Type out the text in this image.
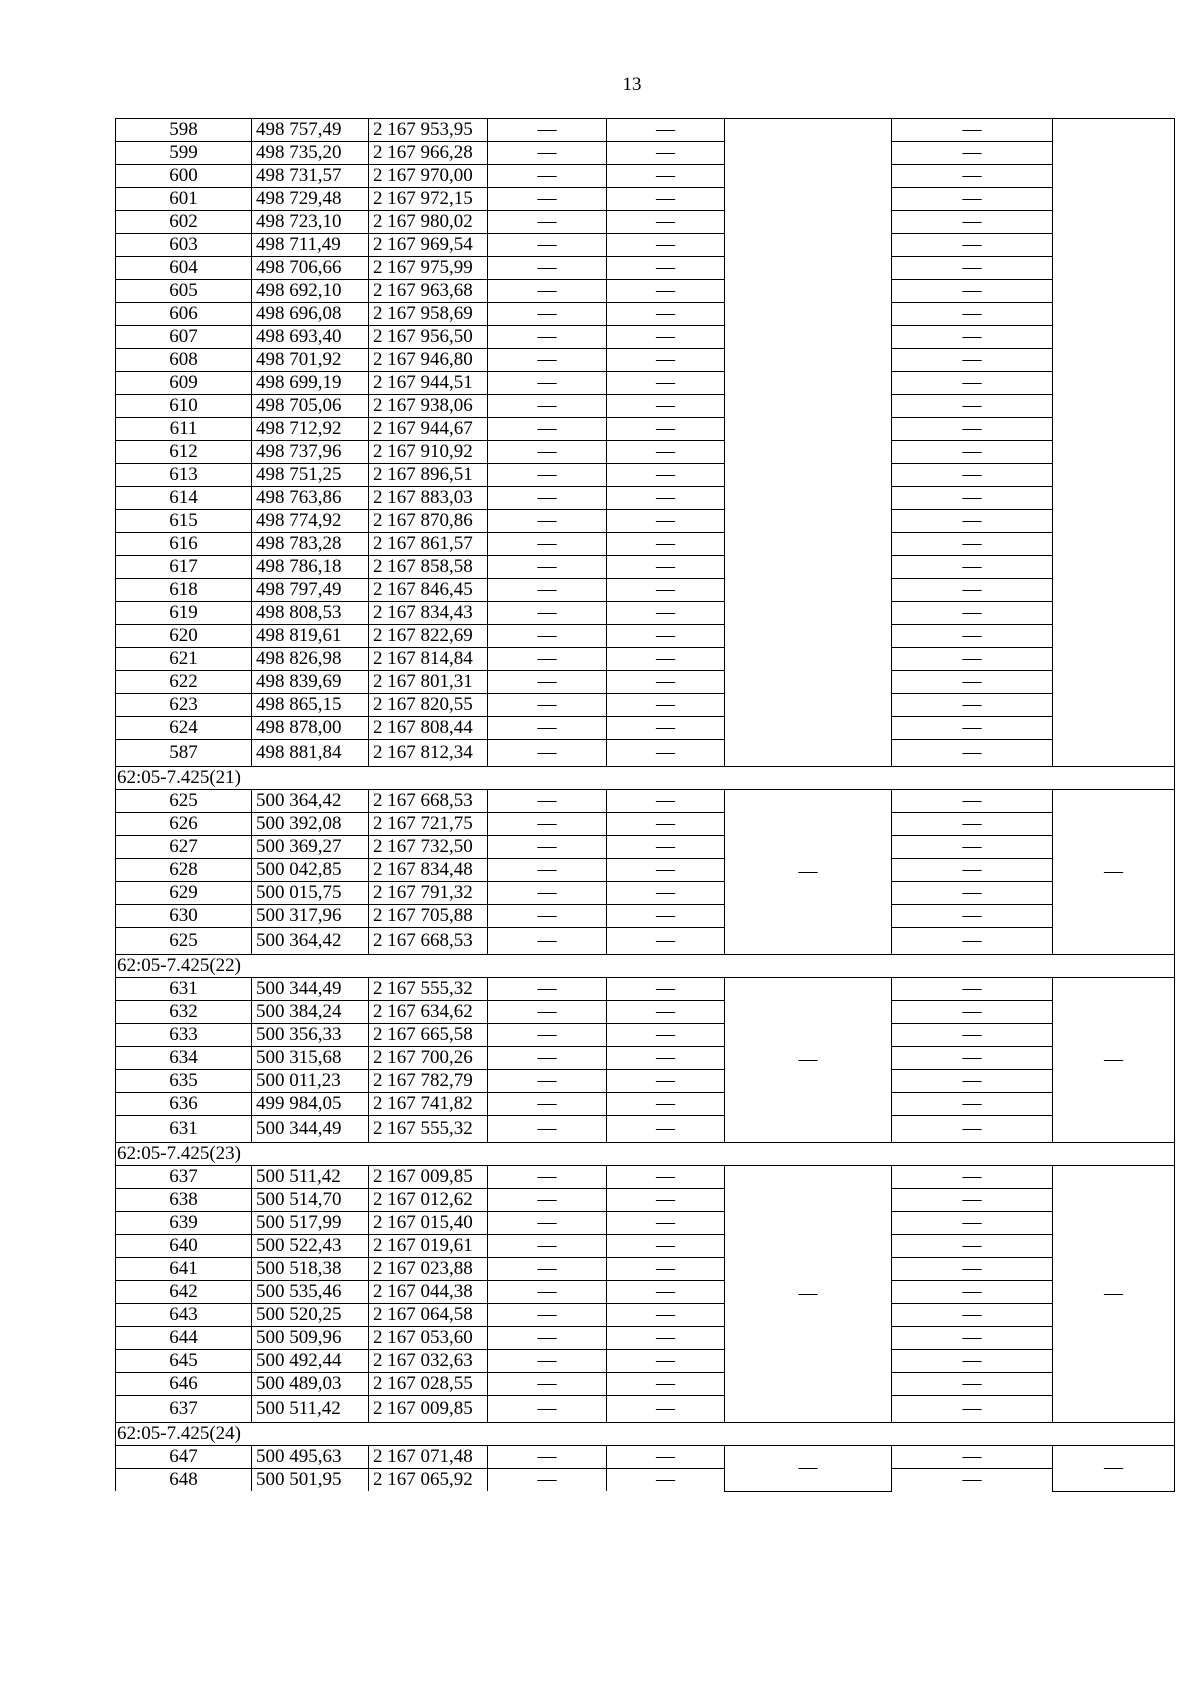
13
598	498 757,49	2 167 953,95	—	—		—	
599	498 735,20	2 167 966,28	—	—		—	
600	498 731,57	2 167 970,00	—	—		—	
601	498 729,48	2 167 972,15	—	—		—	
602	498 723,10	2 167 980,02	—	—		—	
603	498 711,49	2 167 969,54	—	—		—	
604	498 706,66	2 167 975,99	—	—		—	
605	498 692,10	2 167 963,68	—	—		—	
606	498 696,08	2 167 958,69	—	—		—	
607	498 693,40	2 167 956,50	—	—		—	
608	498 701,92	2 167 946,80	—	—		—	
609	498 699,19	2 167 944,51	—	—		—	
610	498 705,06	2 167 938,06	—	—		—	
611	498 712,92	2 167 944,67	—	—		—	
612	498 737,96	2 167 910,92	—	—		—	
613	498 751,25	2 167 896,51	—	—		—	
614	498 763,86	2 167 883,03	—	—		—	
615	498 774,92	2 167 870,86	—	—		—	
616	498 783,28	2 167 861,57	—	—		—	
617	498 786,18	2 167 858,58	—	—		—	
618	498 797,49	2 167 846,45	—	—		—	
619	498 808,53	2 167 834,43	—	—		—	
620	498 819,61	2 167 822,69	—	—		—	
621	498 826,98	2 167 814,84	—	—		—	
622	498 839,69	2 167 801,31	—	—		—	
623	498 865,15	2 167 820,55	—	—		—	
624	498 878,00	2 167 808,44	—	—		—	
587	498 881,84	2 167 812,34	—	—		—	
62:05-7.425(21)							
625	500 364,42	2 167 668,53	—	—	—	—	—
626	500 392,08	2 167 721,75	—	—		—	
627	500 369,27	2 167 732,50	—	—		—	
628	500 042,85	2 167 834,48	—	—		—	
629	500 015,75	2 167 791,32	—	—		—	
630	500 317,96	2 167 705,88	—	—		—	
625	500 364,42	2 167 668,53	—	—		—	
62:05-7.425(22)							
631	500 344,49	2 167 555,32	—	—	—	—	—
632	500 384,24	2 167 634,62	—	—		—	
633	500 356,33	2 167 665,58	—	—		—	
634	500 315,68	2 167 700,26	—	—		—	
635	500 011,23	2 167 782,79	—	—		—	
636	499 984,05	2 167 741,82	—	—		—	
631	500 344,49	2 167 555,32	—	—		—	
62:05-7.425(23)							
637	500 511,42	2 167 009,85	—	—	—	—	—
638	500 514,70	2 167 012,62	—	—		—	
639	500 517,99	2 167 015,40	—	—		—	
640	500 522,43	2 167 019,61	—	—		—	
641	500 518,38	2 167 023,88	—	—		—	
642	500 535,46	2 167 044,38	—	—		—	
643	500 520,25	2 167 064,58	—	—		—	
644	500 509,96	2 167 053,60	—	—		—	
645	500 492,44	2 167 032,63	—	—		—	
646	500 489,03	2 167 028,55	—	—		—	
637	500 511,42	2 167 009,85	—	—		—	
62:05-7.425(24)							
647	500 495,63	2 167 071,48	—	—	—	—	—
648	500 501,95	2 167 065,92	—	—		—	
